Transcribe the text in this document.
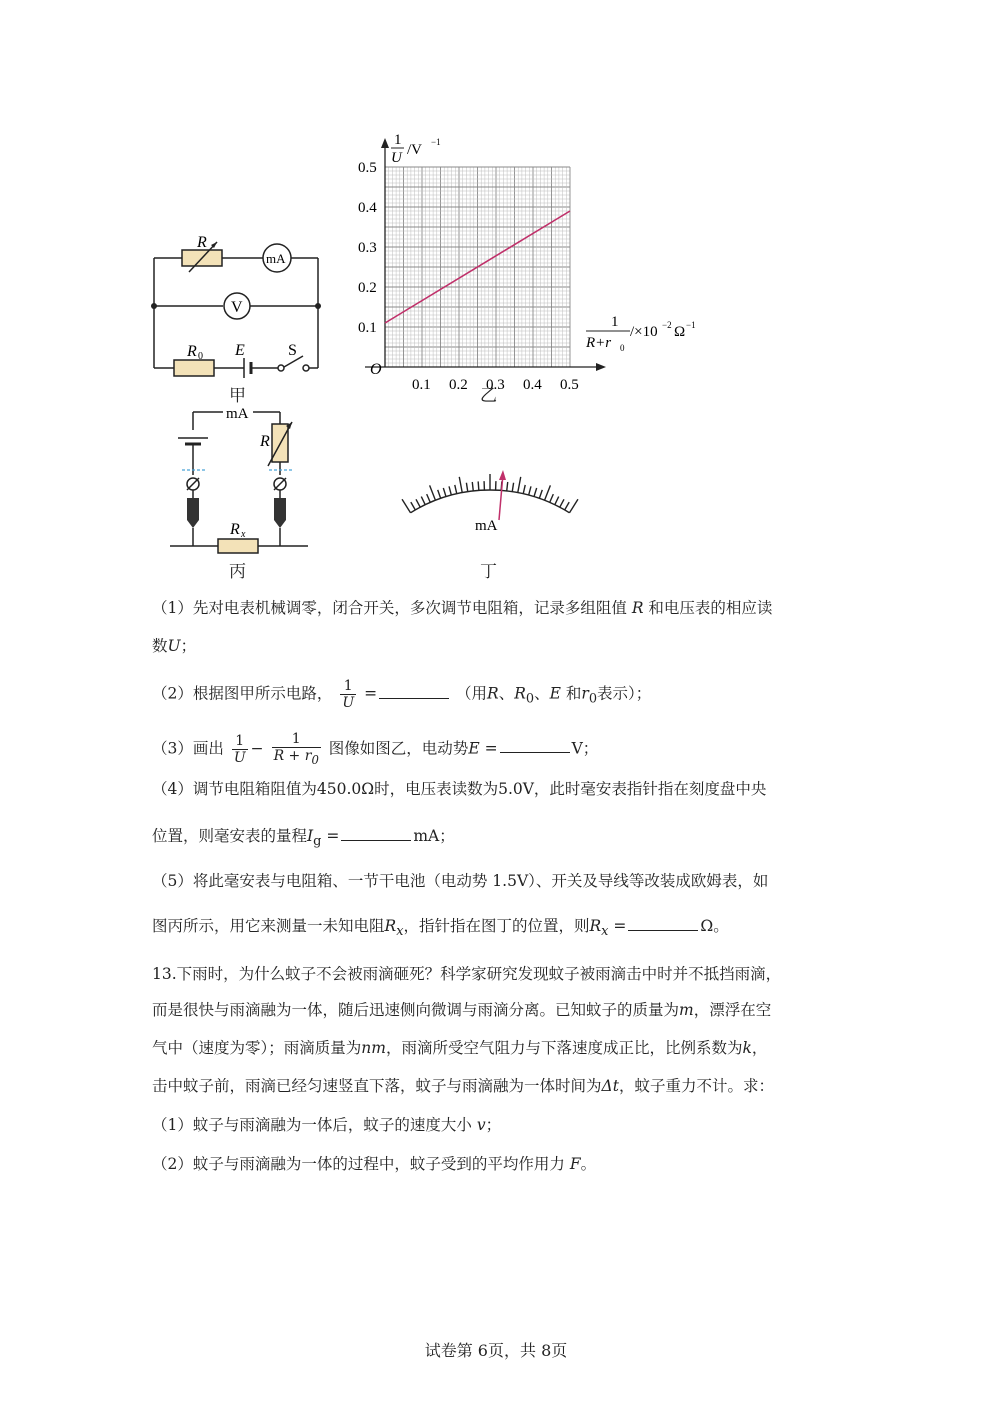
R
mA
V
R 0 E	S
甲
0.5
0.4
0.3
0.2
0.1
0.1 0.2 0.3 0.4 0.5
1
U /V −1
1
R+r 0
/×10 −2 Ω −1
O
乙
mA
R
R x
丙
mA
丁
（1）先对电表机械调零，闭合开关，多次调节电阻箱，记录多组阻值 R 和电压表的相应读
数U；
（2）根据图甲所示电路， $\frac{1}{U}$ =	（用R、$R_0$、E 和$r_0$表示）；
（3）画出 $\frac{1}{U} - \frac{1}{R + r_0}$ 图像如图乙，电动势E =	V；
（4）调节电阻箱阻值为450.0Ω时，电压表读数为5.0V，此时毫安表指针指在刻度盘中央
位置，则毫安表的量程$I_g$ =	mA；
（5）将此毫安表与电阻箱、一节干电池（电动势 1.5V）、开关及导线等改装成欧姆表，如
图丙所示，用它来测量一未知电阻$R_x$，指针指在图丁的位置，则$R_x$ =	Ω。
13.下雨时，为什么蚊子不会被雨滴砸死？科学家研究发现蚊子被雨滴击中时并不抵挡雨滴，
而是很快与雨滴融为一体，随后迅速侧向微调与雨滴分离。已知蚊子的质量为m，漂浮在空
气中（速度为零）；雨滴质量为nm，雨滴所受空气阻力与下落速度成正比，比例系数为k，
击中蚊子前，雨滴已经匀速竖直下落，蚊子与雨滴融为一体时间为Δt，蚊子重力不计。求：
（1）蚊子与雨滴融为一体后，蚊子的速度大小 v；
（2）蚊子与雨滴融为一体的过程中，蚊子受到的平均作用力 F。
试卷第 6页，共 8页
